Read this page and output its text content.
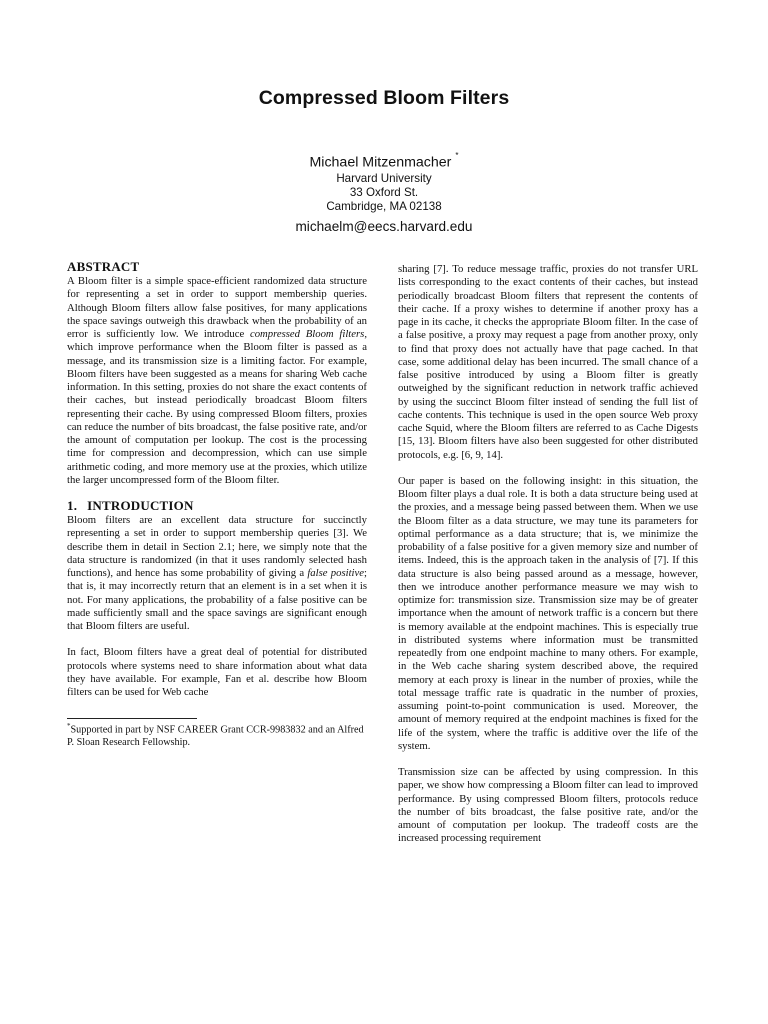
Compressed Bloom Filters
Michael Mitzenmacher *
Harvard University
33 Oxford St.
Cambridge, MA 02138
michaelm@eecs.harvard.edu
ABSTRACT

A Bloom filter is a simple space-efficient randomized data structure for representing a set in order to support membership queries. Although Bloom filters allow false positives, for many applications the space savings outweigh this drawback when the probability of an error is sufficiently low. We introduce compressed Bloom filters, which improve performance when the Bloom filter is passed as a message, and its transmission size is a limiting factor. For example, Bloom filters have been suggested as a means for sharing Web cache information. In this setting, proxies do not share the exact contents of their caches, but instead periodically broadcast Bloom filters representing their cache. By using compressed Bloom filters, proxies can reduce the number of bits broadcast, the false positive rate, and/or the amount of computation per lookup. The cost is the processing time for compression and decompression, which can use simple arithmetic coding, and more memory use at the proxies, which utilize the larger uncompressed form of the Bloom filter.

1. INTRODUCTION

Bloom filters are an excellent data structure for succinctly representing a set in order to support membership queries [3]. We describe them in detail in Section 2.1; here, we simply note that the data structure is randomized (in that it uses randomly selected hash functions), and hence has some probability of giving a false positive; that is, it may incorrectly return that an element is in a set when it is not. For many applications, the probability of a false positive can be made sufficiently small and the space savings are significant enough that Bloom filters are useful.

In fact, Bloom filters have a great deal of potential for distributed protocols where systems need to share information about what data they have available. For example, Fan et al. describe how Bloom filters can be used for Web cache

*Supported in part by NSF CAREER Grant CCR-9983832 and an Alfred P. Sloan Research Fellowship.

sharing [7]. To reduce message traffic, proxies do not transfer URL lists corresponding to the exact contents of their caches, but instead periodically broadcast Bloom filters that represent the contents of their cache. If a proxy wishes to determine if another proxy has a page in its cache, it checks the appropriate Bloom filter. In the case of a false positive, a proxy may request a page from another proxy, only to find that proxy does not actually have that page cached. In that case, some additional delay has been incurred. The small chance of a false positive introduced by using a Bloom filter is greatly outweighed by the significant reduction in network traffic achieved by using the succinct Bloom filter instead of sending the full list of cache contents. This technique is used in the open source Web proxy cache Squid, where the Bloom filters are referred to as Cache Digests [15, 13]. Bloom filters have also been suggested for other distributed protocols, e.g. [6, 9, 14].

Our paper is based on the following insight: in this situation, the Bloom filter plays a dual role. It is both a data structure being used at the proxies, and a message being passed between them. When we use the Bloom filter as a data structure, we may tune its parameters for optimal performance as a data structure; that is, we minimize the probability of a false positive for a given memory size and number of items. Indeed, this is the approach taken in the analysis of [7]. If this data structure is also being passed around as a message, however, then we introduce another performance measure we may wish to optimize for: transmission size. Transmission size may be of greater importance when the amount of network traffic is a concern but there is memory available at the endpoint machines. This is especially true in distributed systems where information must be transmitted repeatedly from one endpoint machine to many others. For example, in the Web cache sharing system described above, the required memory at each proxy is linear in the number of proxies, while the total message traffic rate is quadratic in the number of proxies, assuming point-to-point communication is used. Moreover, the amount of memory required at the endpoint machines is fixed for the life of the system, where the traffic is additive over the life of the system.

Transmission size can be affected by using compression. In this paper, we show how compressing a Bloom filter can lead to improved performance. By using compressed Bloom filters, protocols reduce the number of bits broadcast, the false positive rate, and/or the amount of computation per lookup. The tradeoff costs are the increased processing requirement
